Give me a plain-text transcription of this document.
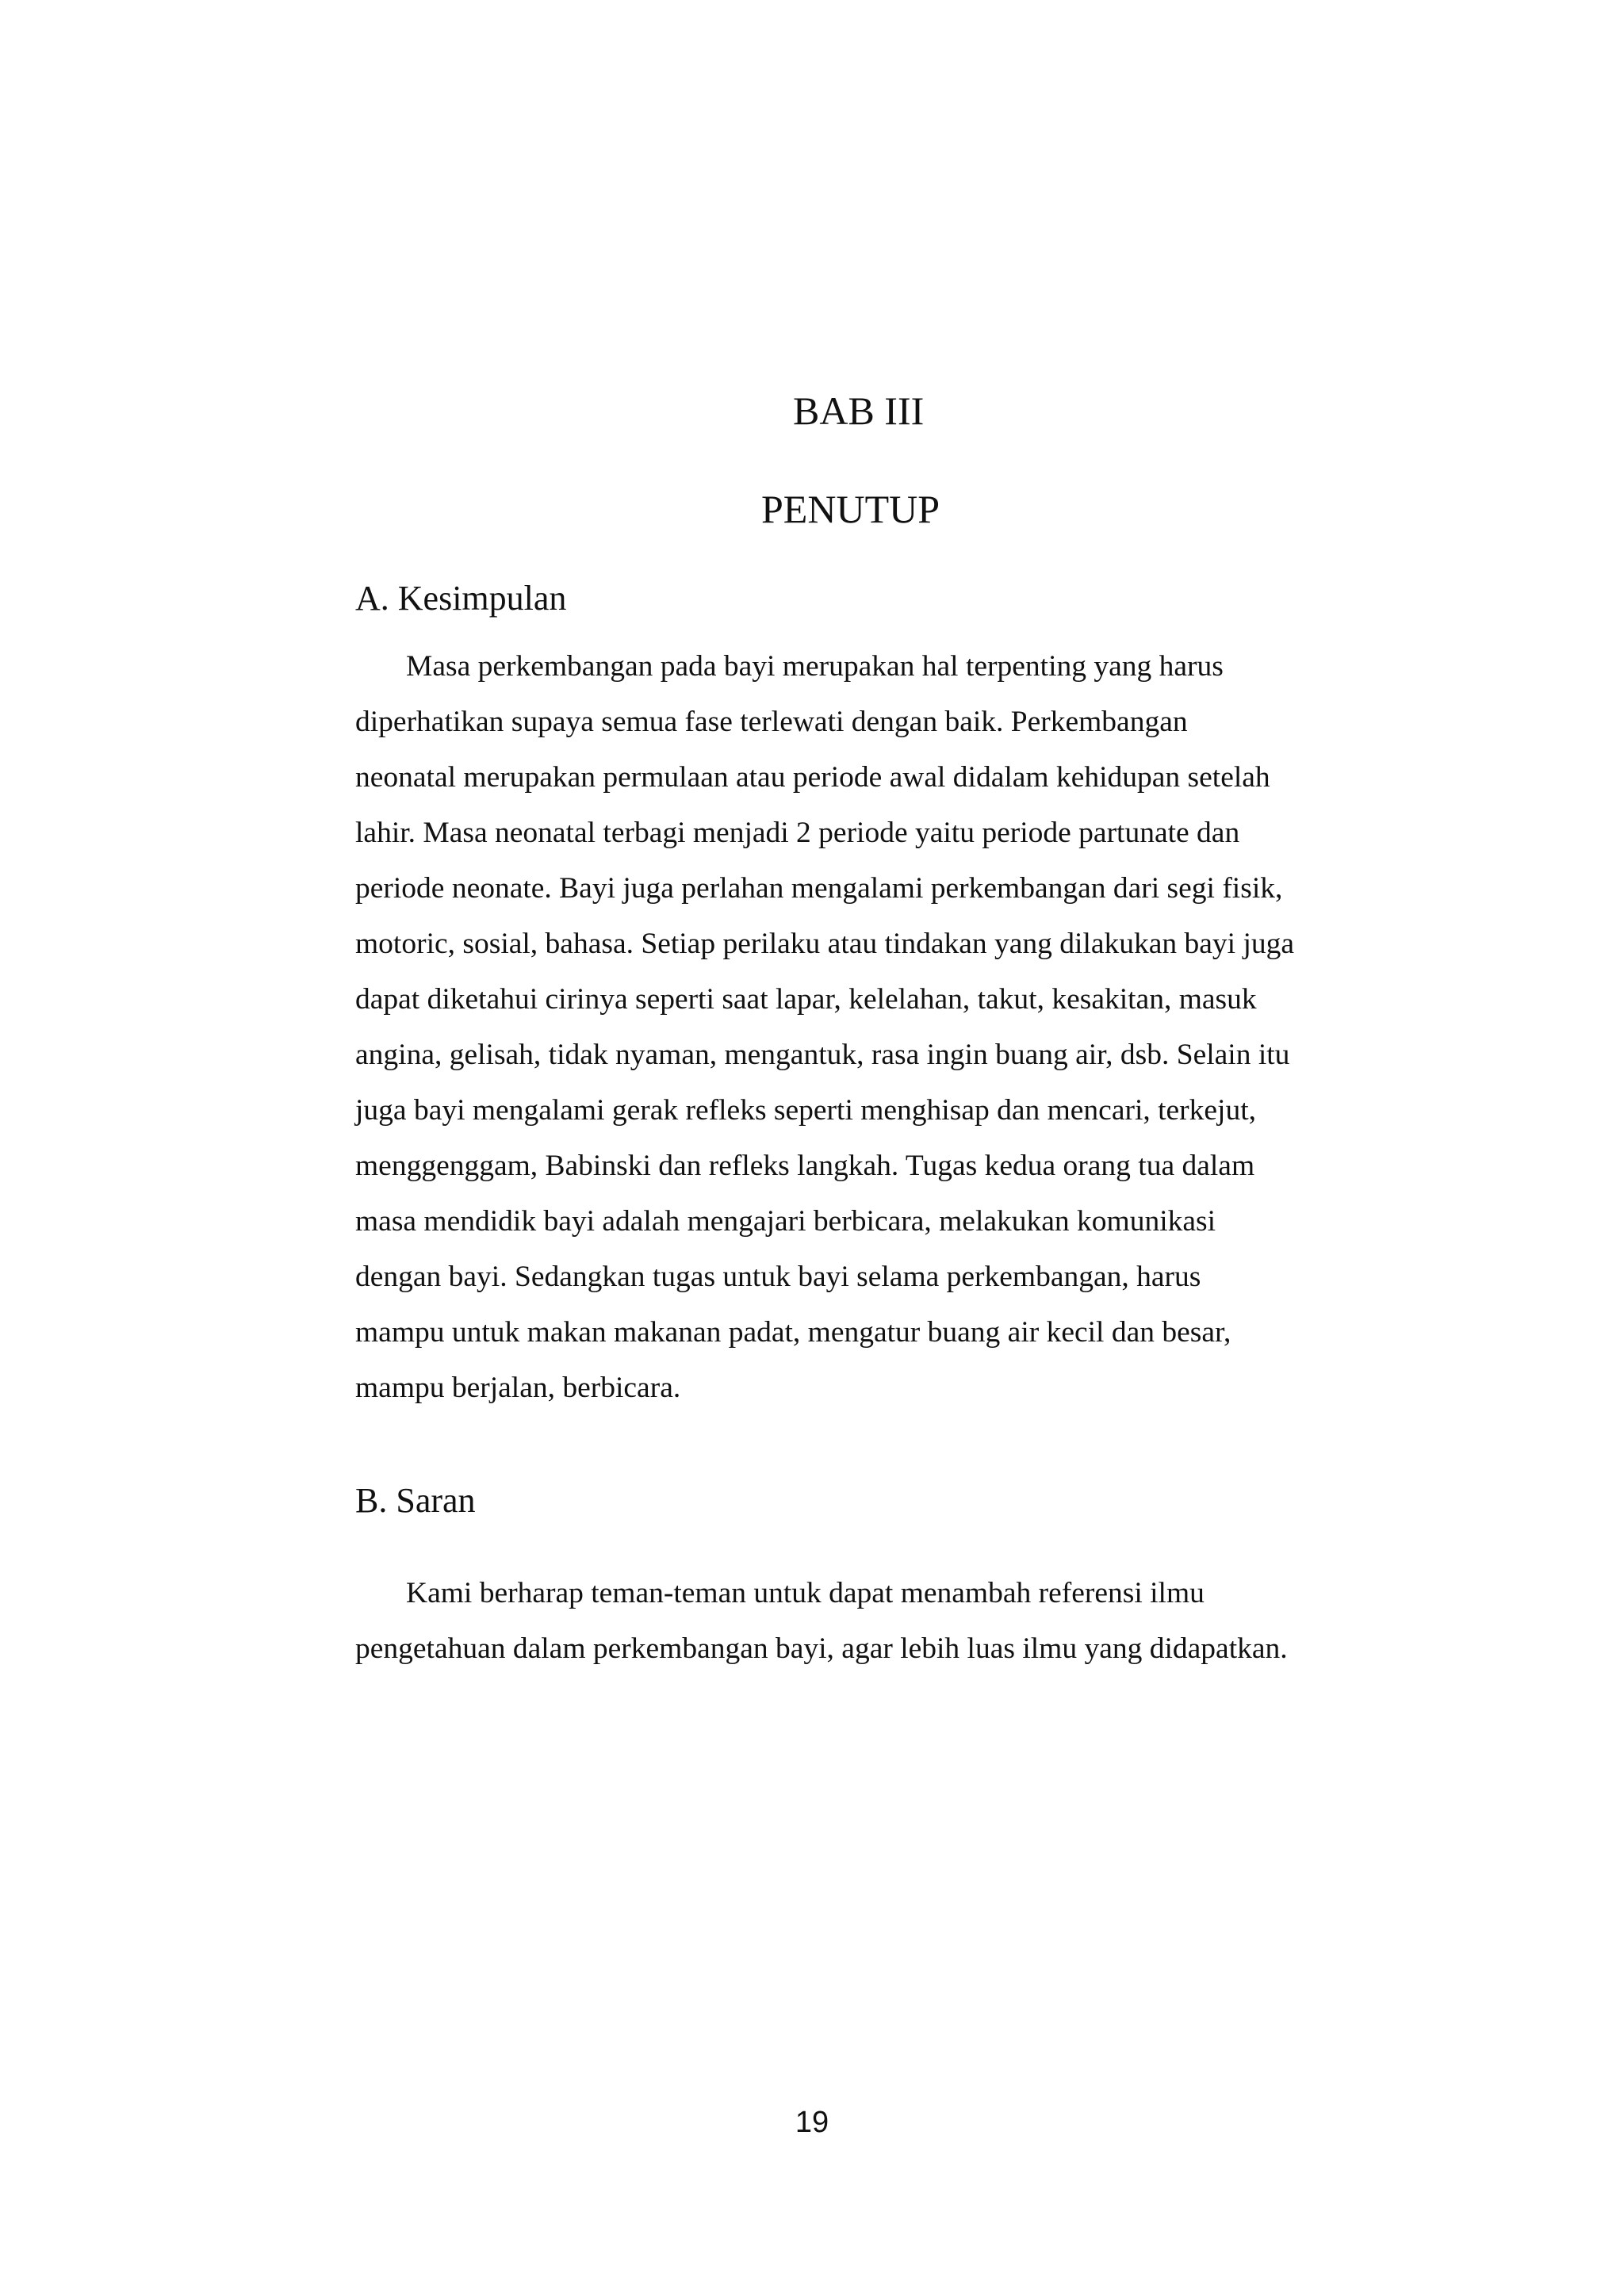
BAB III
PENUTUP
A. Kesimpulan
Masa perkembangan pada bayi merupakan hal terpenting yang harus
diperhatikan supaya semua fase terlewati dengan baik. Perkembangan
neonatal merupakan permulaan atau periode awal didalam kehidupan setelah
lahir. Masa neonatal terbagi menjadi 2 periode yaitu periode partunate dan
periode neonate. Bayi juga perlahan mengalami perkembangan dari segi fisik,
motoric, sosial, bahasa. Setiap perilaku atau tindakan yang dilakukan bayi juga
dapat diketahui cirinya seperti saat lapar, kelelahan, takut, kesakitan, masuk
angina, gelisah, tidak nyaman, mengantuk, rasa ingin buang air, dsb. Selain itu
juga bayi mengalami gerak refleks seperti menghisap dan mencari, terkejut,
menggenggam, Babinski dan refleks langkah. Tugas kedua orang tua dalam
masa mendidik bayi adalah mengajari berbicara, melakukan komunikasi
dengan bayi. Sedangkan tugas untuk bayi selama perkembangan, harus
mampu untuk makan makanan padat, mengatur buang air kecil dan besar,
mampu berjalan, berbicara.
B. Saran
Kami berharap teman-teman untuk dapat menambah referensi ilmu
pengetahuan dalam perkembangan bayi, agar lebih luas ilmu yang didapatkan.
19
